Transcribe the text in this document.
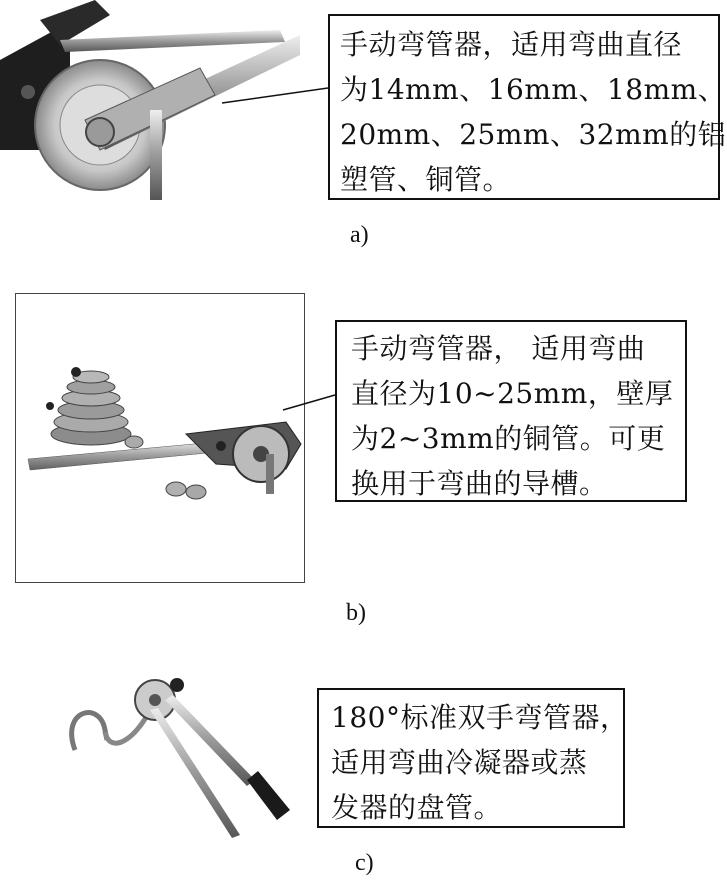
手动弯管器，适用弯曲直径
为14mm、16mm、18mm、
20mm、25mm、32mm的铝
塑管、铜管。
a)
手动弯管器， 适用弯曲
直径为10~25mm，壁厚
为2~3mm的铜管。可更
换用于弯曲的导槽。
b)
180°标准双手弯管器，
适用弯曲冷凝器或蒸
发器的盘管。
c)
